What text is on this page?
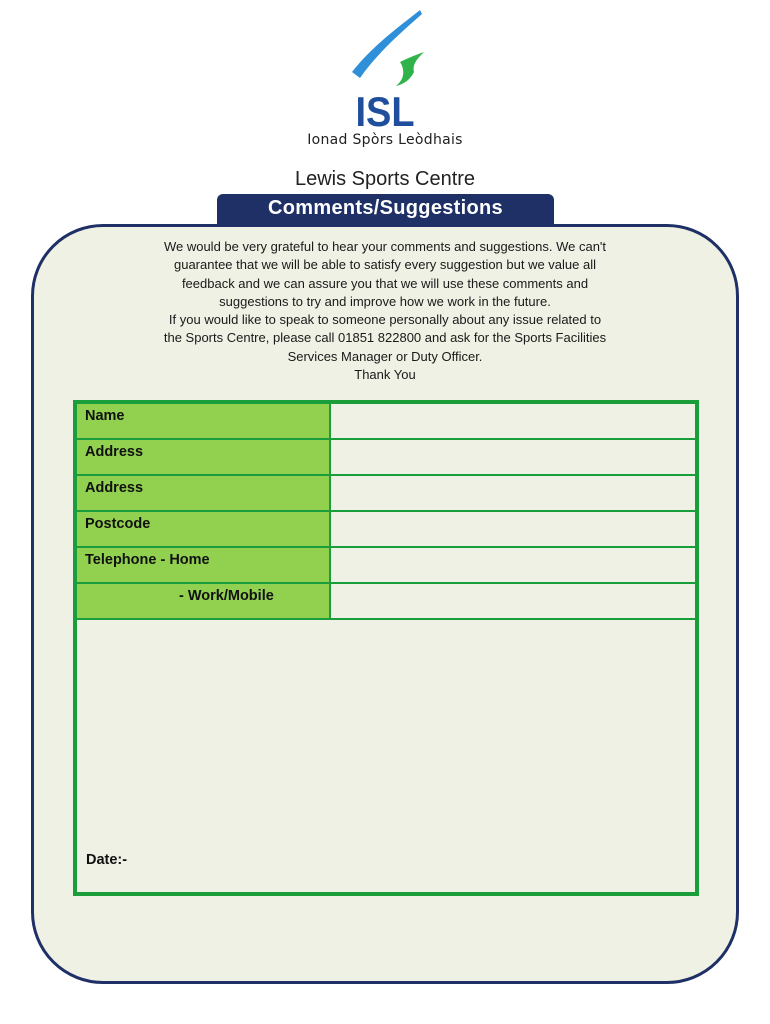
ISL
Ionad Spòrs Leòdhais
Lewis Sports Centre
Comments/Suggestions

We would be very grateful to hear your comments and suggestions. We can't

guarantee that we will be able to satisfy every suggestion but we value all

feedback and we can assure you that we will use these comments and

suggestions to try and improve how we work in the future.

If you would like to speak to someone personally about any issue related to

the Sports Centre, please call 01851 822800 and ask for the Sports Facilities

Services Manager or Duty Officer.

Thank You

Name
Address
Address
Postcode
Telephone - Home
- Work/Mobile
Date:-
